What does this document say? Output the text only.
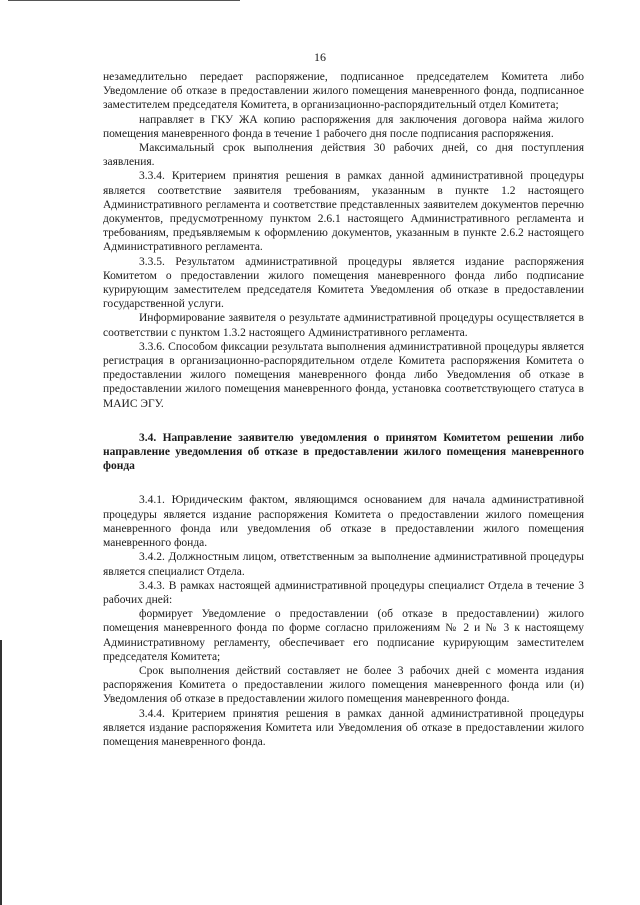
16

незамедлительно передает распоряжение, подписанное председателем Комитета либо Уведомление об отказе в предоставлении жилого помещения маневренного фонда, подписанное заместителем председателя Комитета, в организационно-распорядительный отдел Комитета;

направляет в ГКУ ЖА копию распоряжения для заключения договора найма жилого помещения маневренного фонда в течение 1 рабочего дня после подписания распоряжения.

Максимальный срок выполнения действия 30 рабочих дней, со дня поступления заявления.

3.3.4. Критерием принятия решения в рамках данной административной процедуры является соответствие заявителя требованиям, указанным в пункте 1.2 настоящего Административного регламента и соответствие представленных заявителем документов перечню документов, предусмотренному пунктом 2.6.1 настоящего Административного регламента и требованиям, предъявляемым к оформлению документов, указанным в пункте 2.6.2 настоящего Административного регламента.

3.3.5. Результатом административной процедуры является издание распоряжения Комитетом о предоставлении жилого помещения маневренного фонда либо подписание курирующим заместителем председателя Комитета Уведомления об отказе в предоставлении государственной услуги.

Информирование заявителя о результате административной процедуры осуществляется в соответствии с пунктом 1.3.2 настоящего Административного регламента.

3.3.6. Способом фиксации результата выполнения административной процедуры является регистрация в организационно-распорядительном отделе Комитета распоряжения Комитета о предоставлении жилого помещения маневренного фонда либо Уведомления об отказе в предоставлении жилого помещения маневренного фонда, установка соответствующего статуса в МАИС ЭГУ.

3.4. Направление заявителю уведомления о принятом Комитетом решении либо направление уведомления об отказе в предоставлении жилого помещения маневренного фонда

3.4.1. Юридическим фактом, являющимся основанием для начала административной процедуры является издание распоряжения Комитета о предоставлении жилого помещения маневренного фонда или уведомления об отказе в предоставлении жилого помещения маневренного фонда.

3.4.2. Должностным лицом, ответственным за выполнение административной процедуры является специалист Отдела.

3.4.3. В рамках настоящей административной процедуры специалист Отдела в течение 3 рабочих дней:

формирует Уведомление о предоставлении (об отказе в предоставлении) жилого помещения маневренного фонда по форме согласно приложениям № 2 и № 3 к настоящему Административному регламенту, обеспечивает его подписание курирующим заместителем председателя Комитета;

Срок выполнения действий составляет не более 3 рабочих дней с момента издания распоряжения Комитета о предоставлении жилого помещения маневренного фонда или (и) Уведомления об отказе в предоставлении жилого помещения маневренного фонда.

3.4.4. Критерием принятия решения в рамках данной административной процедуры является издание распоряжения Комитета или Уведомления об отказе в предоставлении жилого помещения маневренного фонда.
